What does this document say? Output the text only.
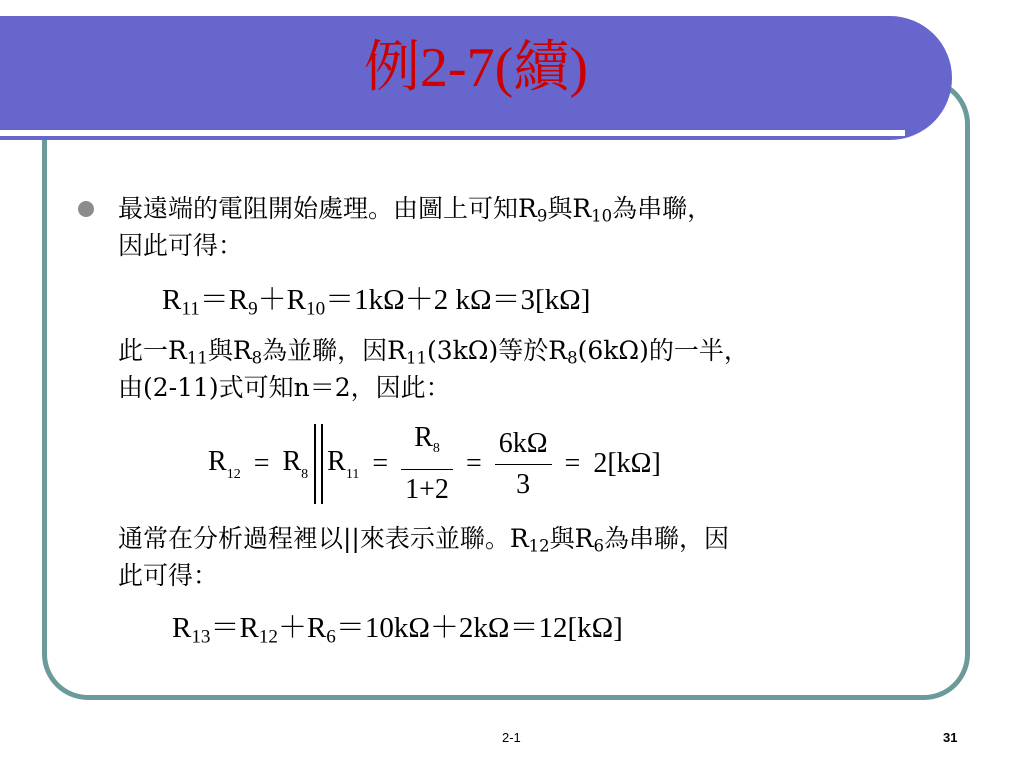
例2-7(續)
最遠端的電阻開始處理。由圖上可知$R_9$與$R_{10}$為串聯，
因此可得：
$R_{11}=R_9+R_{10}=1k\Omega+2$ kΩ＝3[kΩ]
此一$R_{11}$與$R_8$為並聯，因$R_{11}(3k\Omega)$等於$R_8(6k\Omega)$的一半，
由(2-11)式可知n＝2，因此：
$R_{12} = R_8$ $R_{11} = \frac{R_8}{1+2} = \frac{6k\Omega}{3} = 2[k\Omega]$
通常在分析過程裡以||來表示並聯。$R_{12}$與$R_6$為串聯，因
此可得：
$R_{13}=R_{12}+R_6=10k\Omega+2k\Omega=12[k\Omega]$
2-1	31
